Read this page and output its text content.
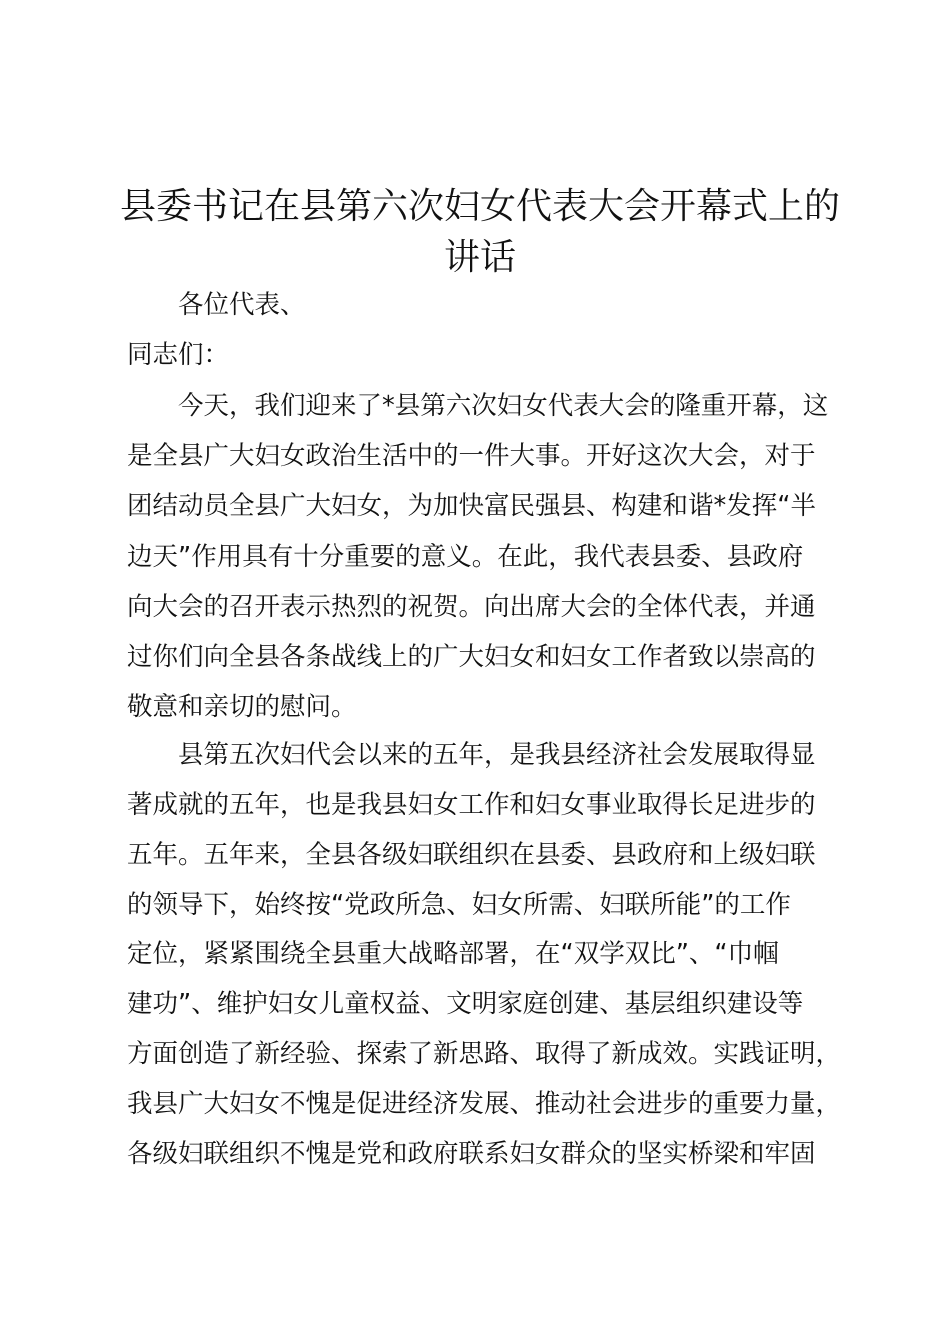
县委书记在县第六次妇女代表大会开幕式上的
讲话
各位代表、
同志们：
今天，我们迎来了*县第六次妇女代表大会的隆重开幕，这
是全县广大妇女政治生活中的一件大事。开好这次大会，对于
团结动员全县广大妇女，为加快富民强县、构建和谐*发挥“半
边天”作用具有十分重要的意义。在此，我代表县委、县政府
向大会的召开表示热烈的祝贺。向出席大会的全体代表，并通
过你们向全县各条战线上的广大妇女和妇女工作者致以崇高的
敬意和亲切的慰问。
县第五次妇代会以来的五年，是我县经济社会发展取得显
著成就的五年，也是我县妇女工作和妇女事业取得长足进步的
五年。五年来，全县各级妇联组织在县委、县政府和上级妇联
的领导下，始终按“党政所急、妇女所需、妇联所能”的工作
定位，紧紧围绕全县重大战略部署，在“双学双比”、“巾帼
建功”、维护妇女儿童权益、文明家庭创建、基层组织建设等
方面创造了新经验、探索了新思路、取得了新成效。实践证明，
我县广大妇女不愧是促进经济发展、推动社会进步的重要力量，
各级妇联组织不愧是党和政府联系妇女群众的坚实桥梁和牢固
